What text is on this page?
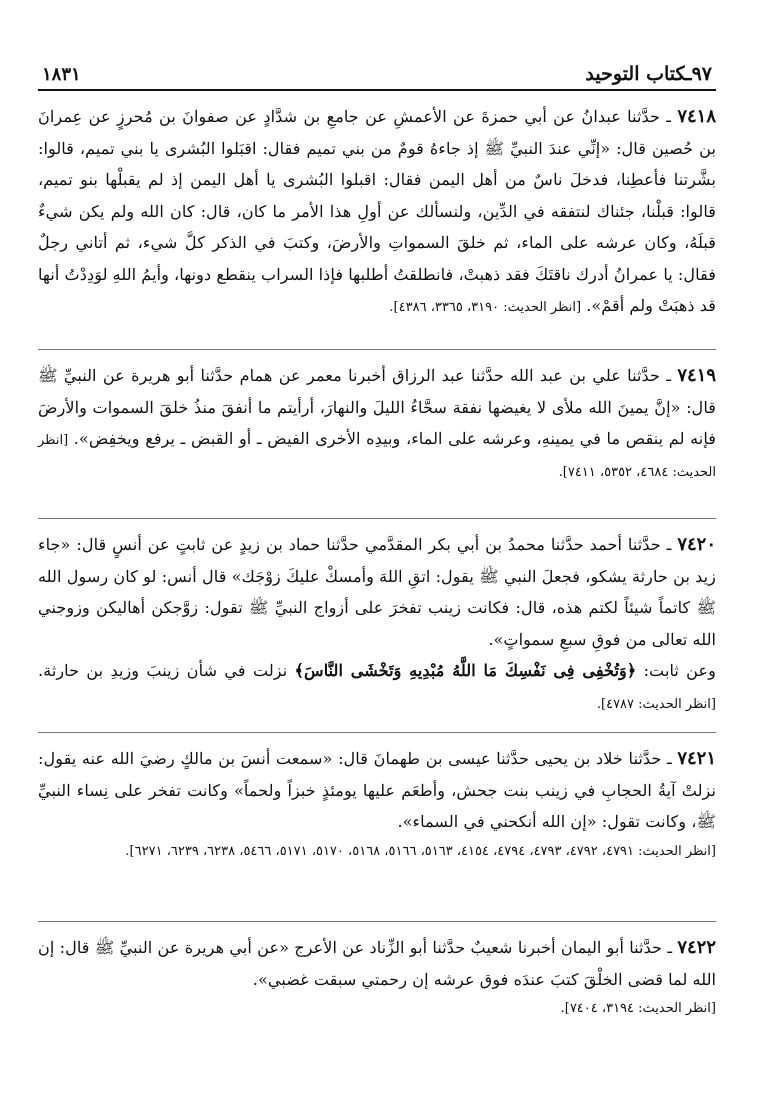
٩٧ـكتاب التوحيد
١٨٣١

٧٤١٨ ـ حدَّثنا عبدانُ عن أبي حمزةَ عن الأعمشِ عن جامعِ بن شدَّادٍ عن صفوانَ بن مُحرزٍ عن عِمرانَ بن حُصين قال: «إنِّي عندَ النبيِّ ﷺ إذ جاءهُ قومٌ من بني تميم فقال: اقبَلوا البُشرى يا بني تميم، قالوا: بشَّرتنا فأعطِنا، فدخلَ ناسٌ من أهل اليمن فقال: اقبلوا البُشرى يا أهل اليمن إذ لم يقبلْها بنو تميم، قالوا: قبلْنا، جئناك لنتفقه في الدِّين، ولنسألك عن أولِ هذا الأمر ما كان، قال: كان الله ولم يكن شيءٌ قبلَهُ، وكان عرشه على الماء، ثم خلقَ السمواتِ والأرضَ، وكتبَ في الذكر كلَّ شيء، ثم أتاني رجلٌ فقال: يا عمرانُ أدرك ناقتَكَ فقد ذهبتْ، فانطلقتُ أطلبها فإذا السراب ينقطع دونها، وأيمُ اللهِ لوَدِدْتُ أنها قد ذهبَتْ ولم أقمْ». [انظر الحديث: ٣١٩٠، ٣٣٦٥، ٤٣٨٦].

٧٤١٩ ـ حدَّثنا علي بن عبد الله حدَّثنا عبد الرزاق أخبرنا معمر عن همام حدَّثنا أبو هريرة عن النبيِّ ﷺ قال: «إنَّ يمينَ الله ملأى لا يغيضها نفقة سحَّاءُ الليلَ والنهارَ، أرأيتم ما أنفقَ منذُ خلقَ السموات والأرضَ فإنه لم ينقص ما في يمينهِ، وعرشه على الماء، وبيدِه الأخرى الفيض ـ أو القبض ـ يرفع ويخفِض». [انظر الحديث: ٤٦٨٤، ٥٣٥٢، ٧٤١١].

٧٤٢٠ ـ حدَّثنا أحمد حدَّثنا محمدُ بن أبي بكر المقدَّمي حدَّثنا حماد بن زيدٍ عن ثابتٍ عن أنسٍ قال: «جاء زيد بن حارثة يشكو، فجعلَ النبي ﷺ يقول: اتقِ اللهَ وأمسكْ عليكَ زوْجَك» قال أنس: لو كان رسول الله ﷺ كاتماً شيئاً لكتم هذه، قال: فكانت زينب تفخرَ على أزواج النبيِّ ﷺ تقول: زوَّجكن أهاليكن وزوجني الله تعالى من فوقِ سبعِ سمواتٍ».

وعن ثابت: ﴿وَتُخْفِى فِى نَفْسِكَ مَا اللَّهُ مُبْدِيهِ وَتَخْشَى النَّاسَ﴾ نزلت في شأن زينبَ وزيدِ بن حارثة. [انظر الحديث: ٤٧٨٧].

٧٤٢١ ـ حدَّثنا خلاد بن يحيى حدَّثنا عيسى بن طهمانَ قال: «سمعت أنسَ بن مالكٍ رضيَ الله عنه يقول: نزلتْ آيةُ الحجابِ في زينب بنت جحش، وأطعَم عليها يومئذٍ خبزاً ولحماً» وكانت تفخر على نِساء النبيِّ ﷺ، وكانت تقول: «إن الله أنكحني في السماء».

[انظر الحديث: ٤٧٩١، ٤٧٩٢، ٤٧٩٣، ٤٧٩٤، ٤١٥٤، ٥١٦٣، ٥١٦٦، ٥١٦٨، ٥١٧٠، ٥١٧١، ٥٤٦٦، ٦٢٣٨، ٦٢٣٩، ٦٢٧١].

٧٤٢٢ ـ حدَّثنا أبو اليمان أخبرنا شعيبٌ حدَّثنا أبو الزِّناد عن الأعرج «عن أبي هريرة عن النبيِّ ﷺ قال: إن الله لما قضى الخلْقَ كتبَ عندَه فوق عرشه إن رحمتي سبقت غضبي».

[انظر الحديث: ٣١٩٤، ٧٤٠٤].
